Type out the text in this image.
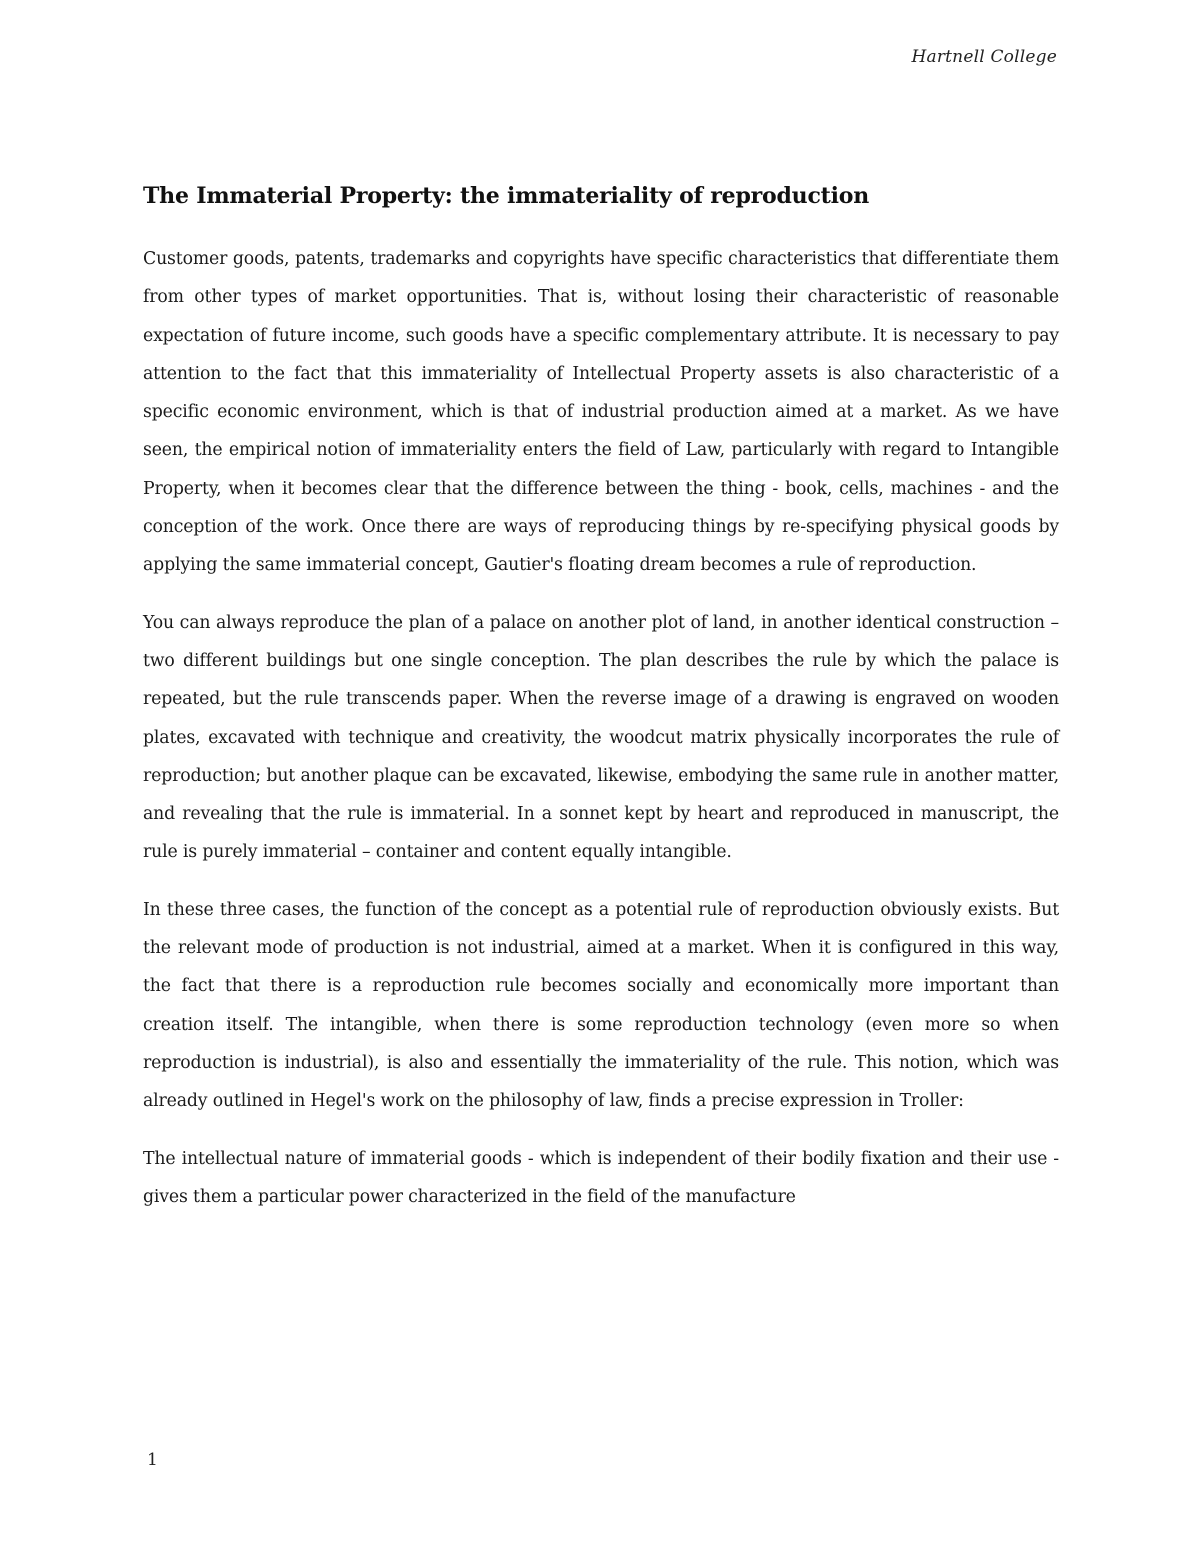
Hartnell College
The Immaterial Property: the immateriality of reproduction

Customer goods, patents, trademarks and copyrights have specific characteristics that differentiate them from other types of market opportunities. That is, without losing their characteristic of reasonable expectation of future income, such goods have a specific complementary attribute. It is necessary to pay attention to the fact that this immateriality of Intellectual Property assets is also characteristic of a specific economic environment, which is that of industrial production aimed at a market. As we have seen, the empirical notion of immateriality enters the field of Law, particularly with regard to Intangible Property, when it becomes clear that the difference between the thing - book, cells, machines - and the conception of the work. Once there are ways of reproducing things by re-specifying physical goods by applying the same immaterial concept, Gautier's floating dream becomes a rule of reproduction.

You can always reproduce the plan of a palace on another plot of land, in another identical construction – two different buildings but one single conception. The plan describes the rule by which the palace is repeated, but the rule transcends paper. When the reverse image of a drawing is engraved on wooden plates, excavated with technique and creativity, the woodcut matrix physically incorporates the rule of reproduction; but another plaque can be excavated, likewise, embodying the same rule in another matter, and revealing that the rule is immaterial. In a sonnet kept by heart and reproduced in manuscript, the rule is purely immaterial – container and content equally intangible.

In these three cases, the function of the concept as a potential rule of reproduction obviously exists. But the relevant mode of production is not industrial, aimed at a market. When it is configured in this way, the fact that there is a reproduction rule becomes socially and economically more important than creation itself. The intangible, when there is some reproduction technology (even more so when reproduction is industrial), is also and essentially the immateriality of the rule. This notion, which was already outlined in Hegel's work on the philosophy of law, finds a precise expression in Troller:

The intellectual nature of immaterial goods - which is independent of their bodily fixation and their use - gives them a particular power characterized in the field of the manufacture

1
